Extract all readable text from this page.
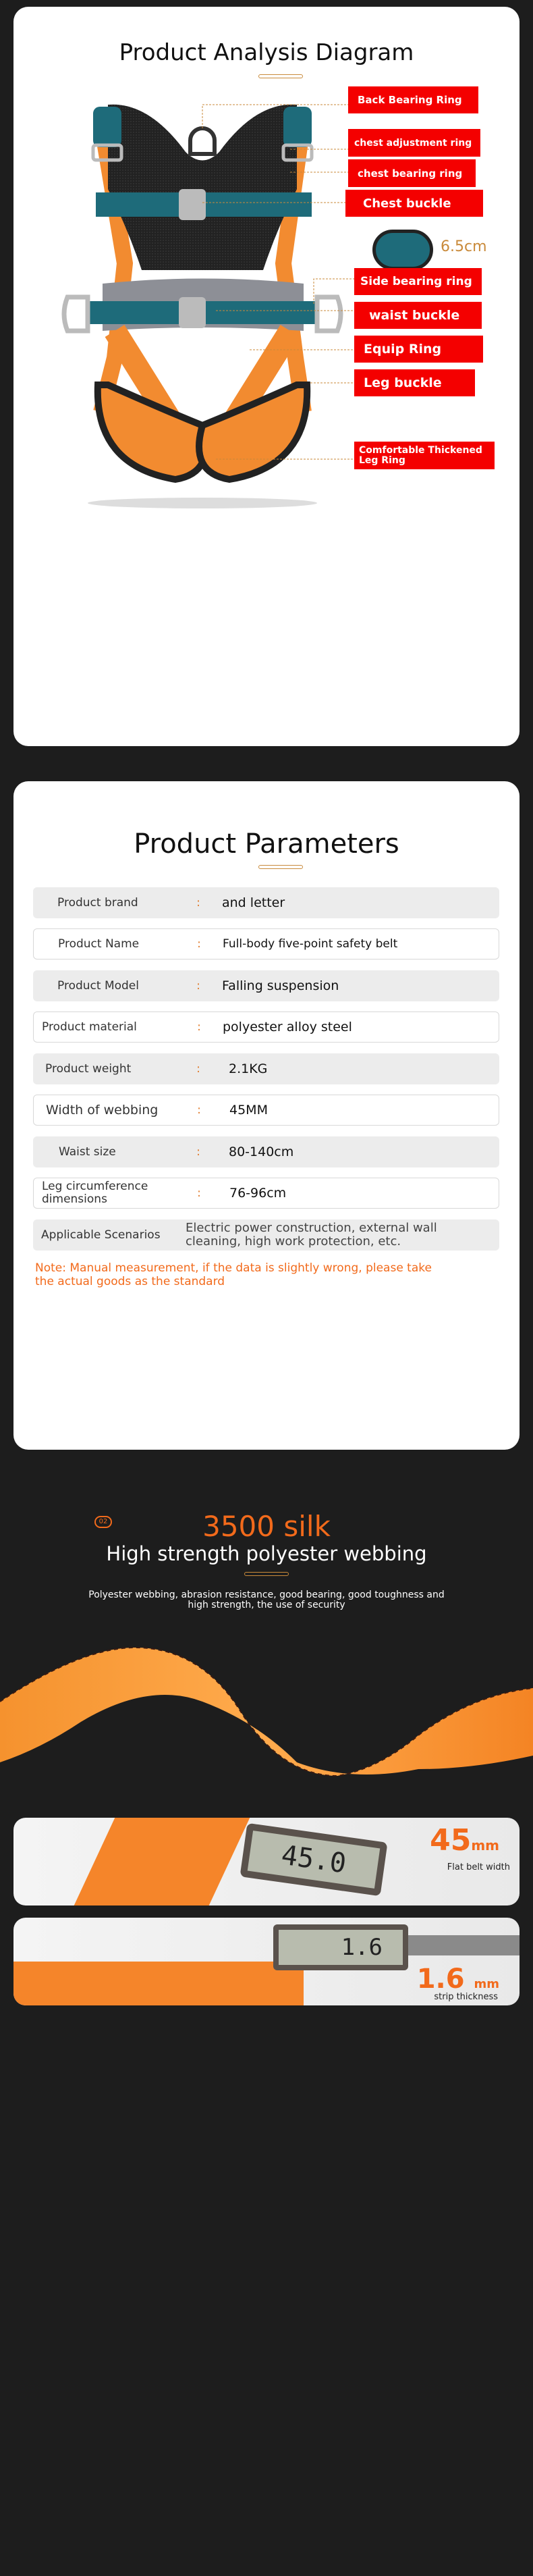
Product Analysis Diagram
Back Bearing Ring
chest adjustment ring
chest bearing ring
Chest buckle
6.5cm
Side bearing ring
waist buckle
Equip Ring
Leg buckle
Comfortable Thickened Leg Ring
Product Parameters
Product brand	:	and letter
Product Name	:	Full-body five-point safety belt
Product Model	:	Falling suspension
Product material	:	polyester alloy steel
Product weight	:	2.1KG
Width of webbing	:	45MM
Waist size	:	80-140cm
Leg circumference dimensions	:	76-96cm
Applicable Scenarios	Electric power construction, external wall cleaning, high work protection, etc.
Note: Manual measurement, if the data is slightly wrong, please take the actual goods as the standard
02	3500 silk
High strength polyester webbing
Polyester webbing, abrasion resistance, good bearing, good toughness and high strength, the use of security
45.0	45mm
Flat belt width
1.6
1.6 mm
strip thickness
